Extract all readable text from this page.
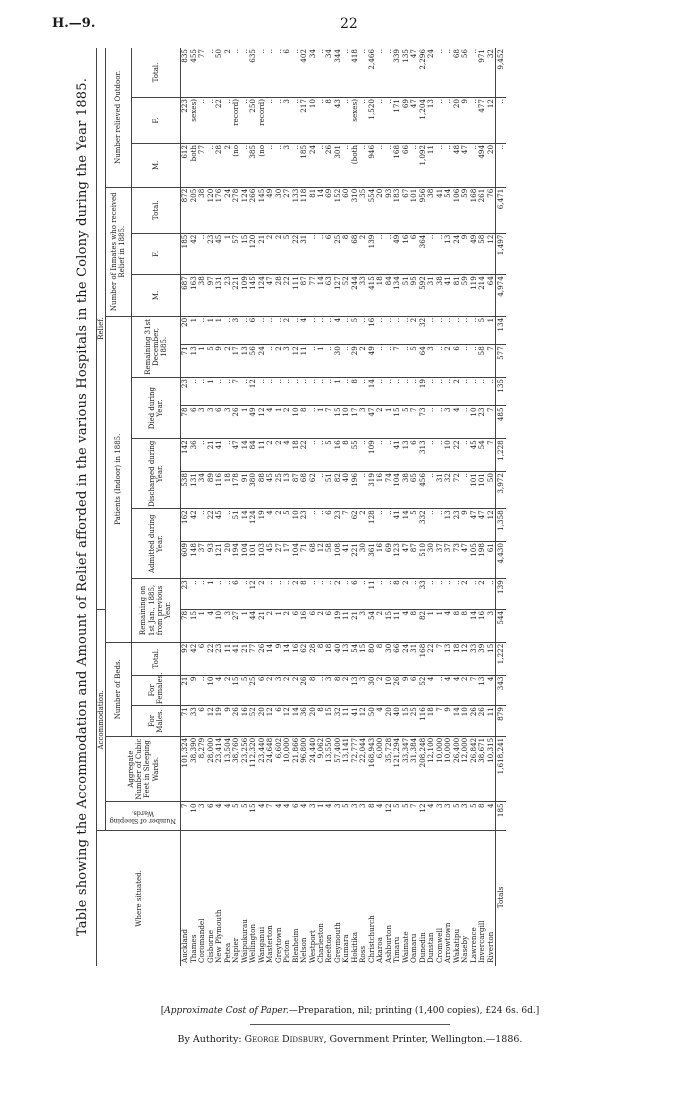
H.—9.	22
Table showing the Accommodation and Amount of Relief afforded in the various Hospitals in the Colony during the Year 1885.	Where situated.	Accommodation.						Relief.														

	Number of Sleeping Wards.	Aggregate Number of Cubic Feet in Sleeping Wards.	Number of Beds.			Patients (Indoor) in 1885.										Number of Inmates who received Relief in 1885.			Number relieved Outdoor.		
			For Males.	For Females.	Total.	Remaining on 1st Jan., 1885, from previous Year.		Admitted during Year.		Discharged during Year.		Died during Year.		Remaining 31st December, 1885.		M.	F.	Total.	M.	F.	Total.
Auckland	7	101,324	71	21	92	78	23	609	162	538	142	78	23	71	20	687	185	872	612	223	835
Thames	10	38,390	33	9	42	15	..	148	42	131	36	6	..	13	1	163	42	205	both	sexes)	455
Coromandel	3	8,279	6	..	6	1	..	37	..	34	..	3	..	1	..	38	..	38	77	..	77
Gisborne	6	28,000	12	10	22	4	1	93	22	89	21	3	1	5	1	97	23	120	..	..	..
New Plymouth	4	23,414	19	4	23	10	..	121	45	116	41	6	..	9	1	131	45	176	28	22	50
Petea	4	13,504	9	2	11	3	..	20	..	18	..	3	..	2	..	23	1	24	2	..	2
Napier	5	38,760	26	15	41	27	6	194	51	178	47	26	7	17	3	221	57	278	(no	record)	..
Waipukurau	5	23,256	16	5	21	1	..	104	14	91	14	1	..	13	..	109	15	124	..	..	..
Wellington	15	112,320	52	25	77	44	12	101	124	380	84	49	12	56	6	145	120	266	385	250	635
Wanganui	4	23,440	20	6	26	21	2	103	19	88	11	12	..	24	..	124	21	145	(no	record)	..
Masterton	7	24,648	12	2	14	2	..	45	4	45	2	4	..	..	..	47	2	49	..	..	..
Greytown	4	6,602	6	3	9	1	..	27	2	25	2	1	..	2	..	28	2	30	..	..	..
Picton	4	10,000	12	2	14	2	..	17	5	13	4	2	..	3	2	22	5	27	3	3	6
Blenheim	6	21,866	14	2	16	6	2	104	10	87	18	10	..	12	..	111	22	133	..	..	..
Nelson	4	96,800	36	26	62	16	8	71	23	68	22	8	..	11	4	87	31	118	185	217	402
Westport	3	24,440	20	8	28	6	..	68	..	62	..	..	..	..	..	77	..	81	24	10	34
Charleston	1	9,062	8	..	8	2	..	12	..	..	..	1	..	1	..	14	..	14	..	..	..
Reefton	4	13,550	15	3	18	6	..	58	6	51	5	7	..	..	..	63	6	69	26	8	34
Greymouth	3	57,400	32	8	40	19	2	108	23	82	16	15	1	30	4	127	25	152	301	43	344
Kumara	5	13,141	11	2	13	11	..	41	7	40	8	10	..	..	..	52	8	60	..	..	..
Hokitika	3	72,777	41	13	54	21	6	221	62	196	55	17	8	29	5	244	68	310	(both	sexes)	418
Ross	3	22,044	12	3	15	3	..	30	2	..	..	3	..	2	..	33	2	35	..	..	..
Christchurch	8	168,943	50	30	80	54	11	361	128	319	109	47	14	49	16	415	139	554	946	1,520	2,466
Akaroa	4	6,000	4	2	8	2	..	16	..	16	..	2	..	..	..	18	..	20	..	..	..
Ashburton	12	35,728	20	10	30	15	..	69	..	74	..	1	..	..	..	84	..	93	..	..	..
Timaru	5	121,294	40	26	66	11	8	123	41	104	41	15	..	7	..	134	49	183	168	171	339
Waimate	5	33,347	15	9	24	4	2	47	14	38	13	5	..	..	..	51	16	67	66	69	135
Oamaru	7	31,384	25	6	31	8	..	87	5	65	6	7	..	5	2	95	6	101	..	47	47
Dunedin	12	208,248	116	52	168	82	33	510	332	456	313	73	19	64	32	592	364	956	1,092	1,204	2,296
Dunstan	4	12,100	18	4	22	1	..	30	..	..	..	..	..	3	..	31	..	38	11	13	24
Cromwell	3	10,000	7	..	7	1	..	37	..	31	..	..	..	..	..	38	..	41	..	..	..
Arrowtown	3	10,000	9	4	13	4	..	37	13	32	10	3	..	2	..	41	13	54	..	..	..
Wakatipu	5	26,400	14	4	18	8	..	73	23	72	22	4	2	6	..	81	24	106	48	20	68
Naseby	3	12,000	10	2	12	8	2	47	9	..	..	..	..	..	..	59	9	59	47	9	56
Lawrence	5	26,842	26	7	33	14	..	105	47	101	45	10	..	..	..	119	49	168	..	..	..
Invercargill	8	38,671	26	13	39	16	2	198	47	101	54	23	..	58	5	214	58	261	494	477	971
Riverton	4	10,315	11	4	15	3	..	61	12	50	7	7	..	7	1	64	12	76	20	12	32
Totals	185	1,618,241	879	343	1,222	544	139	4,430	1,358	3,972	1,228	485	135	577	134	4,974	1,497	6,471	..	..	9,452
[Approximate Cost of Paper.—Preparation, nil; printing (1,400 copies), £24 6s. 6d.]
By Authority: George Didsbury, Government Printer, Wellington.—1886.
